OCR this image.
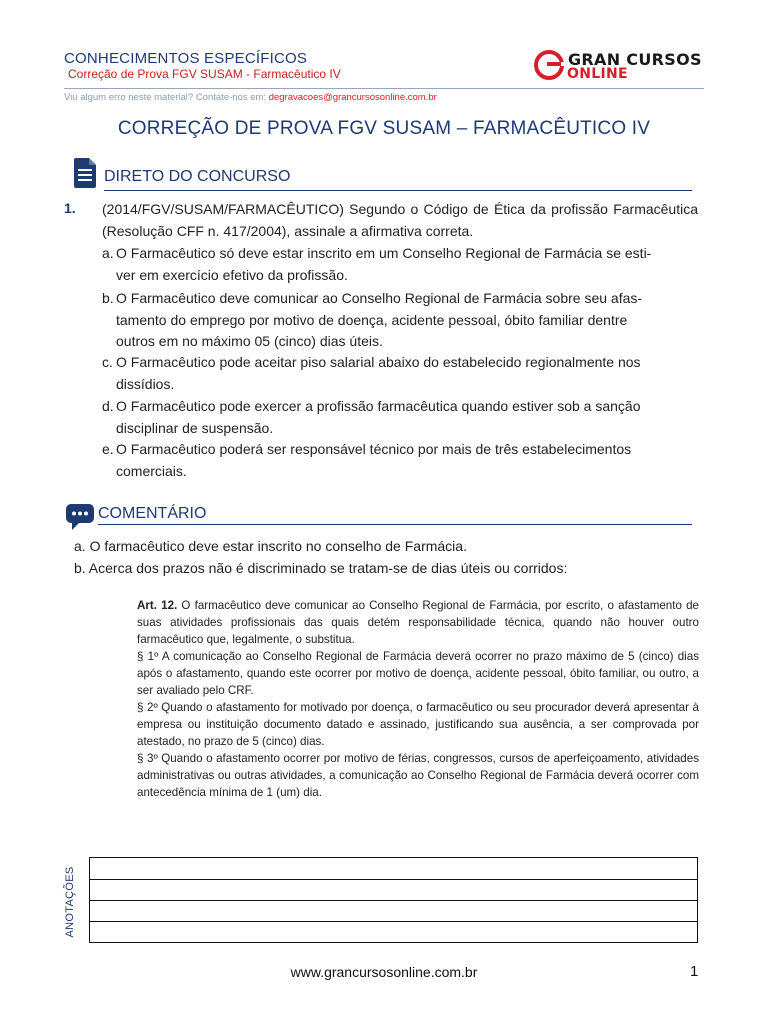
CONHECIMENTOS ESPECÍFICOS
Correção de Prova FGV SUSAM - Farmacêutico IV
GRAN CURSOS
ONLINE
Viu algum erro neste material? Contate-nos em: degravacoes@grancursosonline.com.br
CORREÇÃO DE PROVA FGV SUSAM – FARMACÊUTICO IV
DIRETO DO CONCURSO
1. (2014/FGV/SUSAM/FARMACÊUTICO) Segundo o Código de Ética da profissão Farmacêutica (Resolução CFF n. 417/2004), assinale a afirmativa correta.
a. O Farmacêutico só deve estar inscrito em um Conselho Regional de Farmácia se esti-
ver em exercício efetivo da profissão.
b. O Farmacêutico deve comunicar ao Conselho Regional de Farmácia sobre seu afas-
tamento do emprego por motivo de doença, acidente pessoal, óbito familiar dentre
outros em no máximo 05 (cinco) dias úteis.
c. O Farmacêutico pode aceitar piso salarial abaixo do estabelecido regionalmente nos
dissídios.
d. O Farmacêutico pode exercer a profissão farmacêutica quando estiver sob a sanção
disciplinar de suspensão.
e. O Farmacêutico poderá ser responsável técnico por mais de três estabelecimentos
comerciais.
COMENTÁRIO
a. O farmacêutico deve estar inscrito no conselho de Farmácia.
b. Acerca dos prazos não é discriminado se tratam-se de dias úteis ou corridos:

Art. 12. O farmacêutico deve comunicar ao Conselho Regional de Farmácia, por escrito, o afastamento de suas atividades profissionais das quais detém responsabilidade técnica, quando não houver outro farmacêutico que, legalmente, o substitua.

§ 1º A comunicação ao Conselho Regional de Farmácia deverá ocorrer no prazo máximo de 5 (cinco) dias após o afastamento, quando este ocorrer por motivo de doença, acidente pessoal, óbito familiar, ou outro, a ser avaliado pelo CRF.

§ 2º Quando o afastamento for motivado por doença, o farmacêutico ou seu procurador deverá apresentar à empresa ou instituição documento datado e assinado, justificando sua ausência, a ser comprovada por atestado, no prazo de 5 (cinco) dias.

§ 3º Quando o afastamento ocorrer por motivo de férias, congressos, cursos de aperfeiçoamento, atividades administrativas ou outras atividades, a comunicação ao Conselho Regional de Farmácia deverá ocorrer com antecedência mínima de 1 (um) dia.

ANOTAÇÕES
www.grancursosonline.com.br	1
